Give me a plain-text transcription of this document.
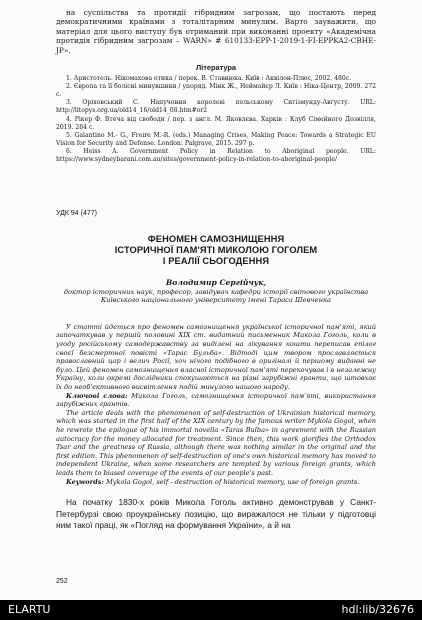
на суспільства та протидії гібридним загрозам, що постають перед демократичними країнами з тоталітарним минулим. Варто зауважити, що матеріал для цього виступу був отриманий при виконанні проекту «Академічна протидія гібридним загрозам – WARN» # 610133-EPP-1-2019-1-FI-EPPKA2-CBHE-JP».

Література

1. Аристотель. Нікомахова етика / перек. В. Ставнюка. Київ : Аквілон-Плюс, 2002. 480с.

2. Європа та її болісні минувшини / упоряд. Мінк Ж., Неймайєр Л. Київ : Ніка-Центр, 2009. 272 с.

3. Оріховський С. Напучення королеві польському Сигізмунду-Августу. URL: http://litopys.org.ua/old14_16/old14_08.htm#or2

4. Рікер Ф. Втеча від свободи / пер. з англ. М. Яковлєва. Харків : Клуб Сімейного Дозвілля, 2019. 284 с.

5. Galantino M.- G., Freire M.-R. (eds.) Managing Crises, Making Peace: Towards a Strategic EU Vision for Security and Defense. London: Palgrave, 2015. 297 p.

6. Heiss A. Government Policy in Relation to Aboriginal people. URL: https://www.sydneybarani.com.au/sites/government-policy-in-relation-to-aboriginal-people/

УДК 94 (477)
ФЕНОМЕН САМОЗНИЩЕННЯ
ІСТОРИЧНОЇ ПАМ'ЯТІ МИКОЛОЮ ГОГОЛЕМ
І РЕАЛІЇ СЬОГОДЕННЯ
Володимир Сергійчук,
доктор історичних наук, професор, завідувач кафедри історії світового українства Київського національного університету імені Тараса Шевченка

У статті йдеться про феномен самознищення української історичної пам'яті, який започаткував у першій половині XIX ст. видатний письменник Микола Гоголь, коли в угоду російському самодержавству за виділені на лікування кошти переписав епілог своєї безсмертної повісті «Тарас Бульба». Відтоді цим твором прославляється православний цар і велич Росії, хоч нічого подібного в оригіналі й першому виданні не було. Цей феномен самознищення власної історичної пам'яті перекочував і в незалежну Україну, коли окремі дослідники спокушаються на різні зарубіжні гранти, що штовхає їх до необ'єктивного висвітлення подій минулого нашого народу.

Ключові слова: Микола Гоголь, самознищення історичної пам'яті, використання зарубіжних грантів.

The article deals with the phenomenon of self-destruction of Ukrainian historical memory, which was started in the first half of the XIX century by the famous writer Mykola Gogol, when he rewrote the epilogue of his immortal novella «Taras Bulba» in agreement with the Russian autocracy for the money allocated for treatment. Since then, this work glorifies the Orthodox Tsar and the greatness of Russia, although there was nothing similar in the original and the first edition. This phenomenon of self-destruction of one's own historical memory has moved to independent Ukraine, when some researchers are tempted by various foreign grants, which leads them to biased coverage of the events of our people's past.

Keywords: Mykola Gogol, self - destruction of historical memory, use of foreign grants.

На початку 1830-х років Микола Гоголь активно демонстрував у Санкт-Петербурзі свою проукраїнську позицію, що виражалося не тільки у підготовці ним такої праці, як «Погляд на формування України», а й на

252
ELARTU	hdl:lib/32676
